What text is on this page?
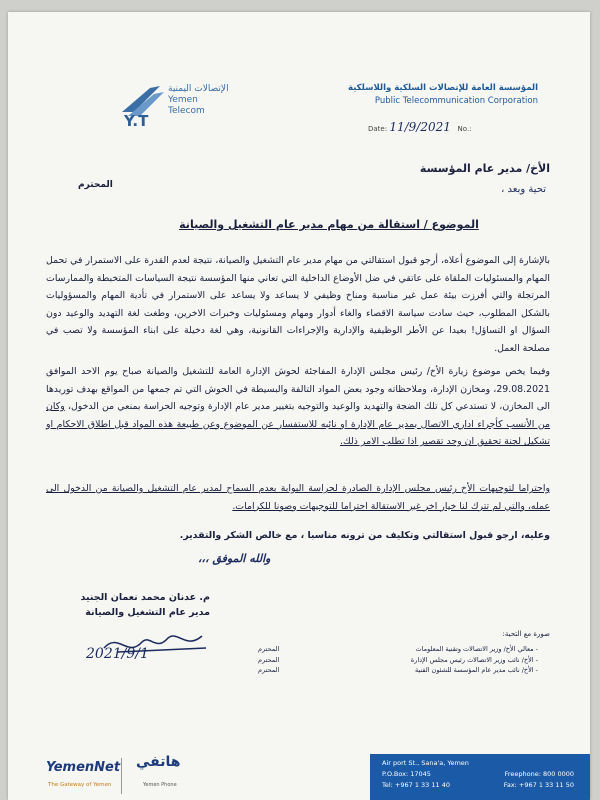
Y.T
الإتصالات اليمنية
Yemen
Telecom
المؤسسة العامة للإتصالات السلكية واللاسلكية
Public Telecommunication Corporation
Date: 11/9/2021 No.:
الأخ/ مدير عام المؤسسة
تحية وبعد ،
المحترم
الموضوع / استقالة من مهام مدير عام التشغيل والصيانة
بالإشارة إلى الموضوع أعلاه، أرجو قبول استقالتي من مهام مدير عام التشغيل والصيانة، نتيجة لعدم القدرة على الاستمرار في تحمل المهام والمسئوليات الملقاة على عاتقي في ضل الأوضاع الداخلية التي تعاني منها المؤسسة نتيجة السياسات المتخبطة والممارسات المرتجلة والتي أفرزت بيئة عمل غير مناسبة ومناخ وظيفي لا يساعد ولا يساعد على الاستمرار في تأدية المهام والمسؤوليات بالشكل المطلوب، حيث سادت سياسة الاقصاء والغاء أدوار ومهام ومسئوليات وخبرات الاخرين، وطغت لغة التهديد والوعيد دون السؤال او التساؤل! بعيدا عن الأطر الوظيفية والإدارية والإجراءات القانونية، وهي لغة دخيلة على ابناء المؤسسة ولا تصب في مصلحة العمل.
وفيما يخص موضوع زيارة الأخ/ رئيس مجلس الإدارة المفاجئة لحوش الإدارة العامة للتشغيل والصيانة صباح يوم الاحد الموافق 29.08.2021، ومخازن الإدارة، وملاحظاته وجود بعض المواد التالفة والبسيطة في الحوش التي تم جمعها من المواقع بهدف توريدها الى المخازن، لا تستدعي كل تلك الضجة والتهديد والوعيد والتوجيه بتغيير مدير عام الإدارة وتوجيه الحراسة بمنعي من الدخول، وكان من الأنسب كأجراء اداري الاتصال بمدير عام الإدارة او نائبه للاستفسار عن الموضوع وعن طبيعة هذه المواد قبل اطلاق الاحكام او تشكيل لجنة تحقيق ان وجد تقصير اذا تطلب الامر ذلك.
واحتراما لتوجيهات الأخ رئيس مجلس الإدارة الصادرة لحراسة البوابة بعدم السماح لمدير عام التشغيل والصيانة من الدخول الى عمله، والتي لم تترك لنا خيار اخر غير الاستقالة احتراما للتوجيهات وصونا للكرامات.
وعليه، ارجو قبول استقالتي وتكليف من ترونه مناسبا ، مع خالص الشكر والتقدير.
والله الموفق ،،،
م. عدنان محمد نعمان الجنيد
مدير عام التشغيل والصيانة
2021/9/1
صورة مع التحية:
- معالي الأخ/ وزير الاتصالات وتقنية المعلومات
المحترم
- الأخ/ نائب وزير الاتصالات رئيس مجلس الإدارة
المحترم
- الأخ/ نائب مدير عام المؤسسة للشئون الفنية
المحترم
YemenNet
The Gateway of Yemen
هاتفي
Yemen Phone
Air port St., Sana'a, Yemen
P.O.Box: 17045	Freephone: 800 0000
Tel: +967 1 33 11 40	Fax: +967 1 33 11 50
